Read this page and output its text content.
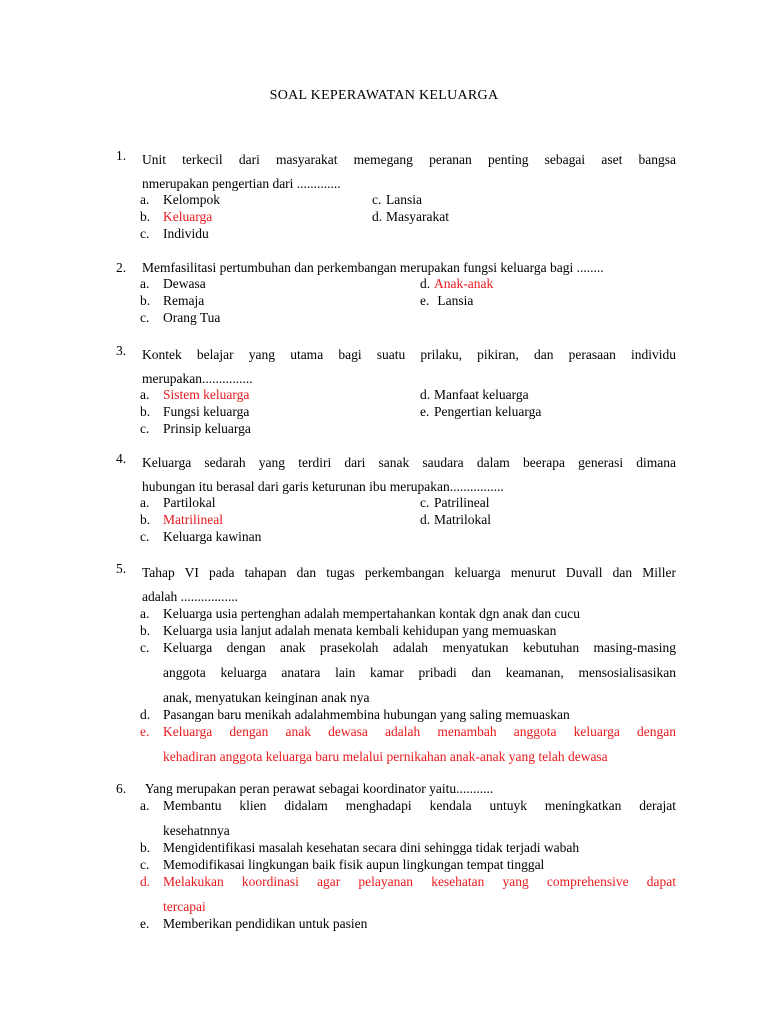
SOAL KEPERAWATAN KELUARGA
1. Unit terkecil dari masyarakat memegang peranan penting sebagai aset bangsa
nmerupakan pengertian dari .............
a.	Kelompok	c. Lansia
b. Keluarga	d. Masyarakat
c.	Individu
2. Memfasilitasi pertumbuhan dan perkembangan merupakan fungsi keluarga bagi ........
a.	Dewasa	d. Anak-anak
b. Remaja	e. Lansia
c.	Orang Tua
3. Kontek belajar yang utama bagi suatu prilaku, pikiran, dan perasaan individu
merupakan...............
a.	Sistem keluarga	d. Manfaat keluarga
b. Fungsi keluarga	e. Pengertian keluarga
c.	Prinsip keluarga
4. Keluarga sedarah yang terdiri dari sanak saudara dalam beerapa generasi dimana
hubungan itu berasal dari garis keturunan ibu merupakan................
a.	Partilokal	c. Patrilineal
b. Matrilineal	d. Matrilokal
c.	Keluarga kawinan
5. Tahap VI pada tahapan dan tugas perkembangan keluarga menurut Duvall dan Miller
adalah .................
a.	Keluarga usia pertenghan adalah mempertahankan kontak dgn anak dan cucu
b. Keluarga usia lanjut adalah menata kembali kehidupan yang memuaskan
c.	Keluarga dengan anak prasekolah adalah menyatukan kebutuhan masing-masing
anggota keluarga anatara lain kamar pribadi dan keamanan, mensosialisasikan
anak, menyatukan keinginan anak nya
d. Pasangan baru menikah adalahmembina hubungan yang saling memuaskan
e.	Keluarga dengan anak dewasa adalah menambah anggota keluarga dengan
kehadiran anggota keluarga baru melalui pernikahan anak-anak yang telah dewasa
6. Yang merupakan peran perawat sebagai koordinator yaitu...........
a.	Membantu klien didalam menghadapi kendala untuyk meningkatkan derajat
kesehatnnya
b. Mengidentifikasi masalah kesehatan secara dini sehingga tidak terjadi wabah
c.	Memodifikasai lingkungan baik fisik aupun lingkungan tempat tinggal
d. Melakukan koordinasi agar pelayanan kesehatan yang comprehensive dapat
tercapai
e.	Memberikan pendidikan untuk pasien
